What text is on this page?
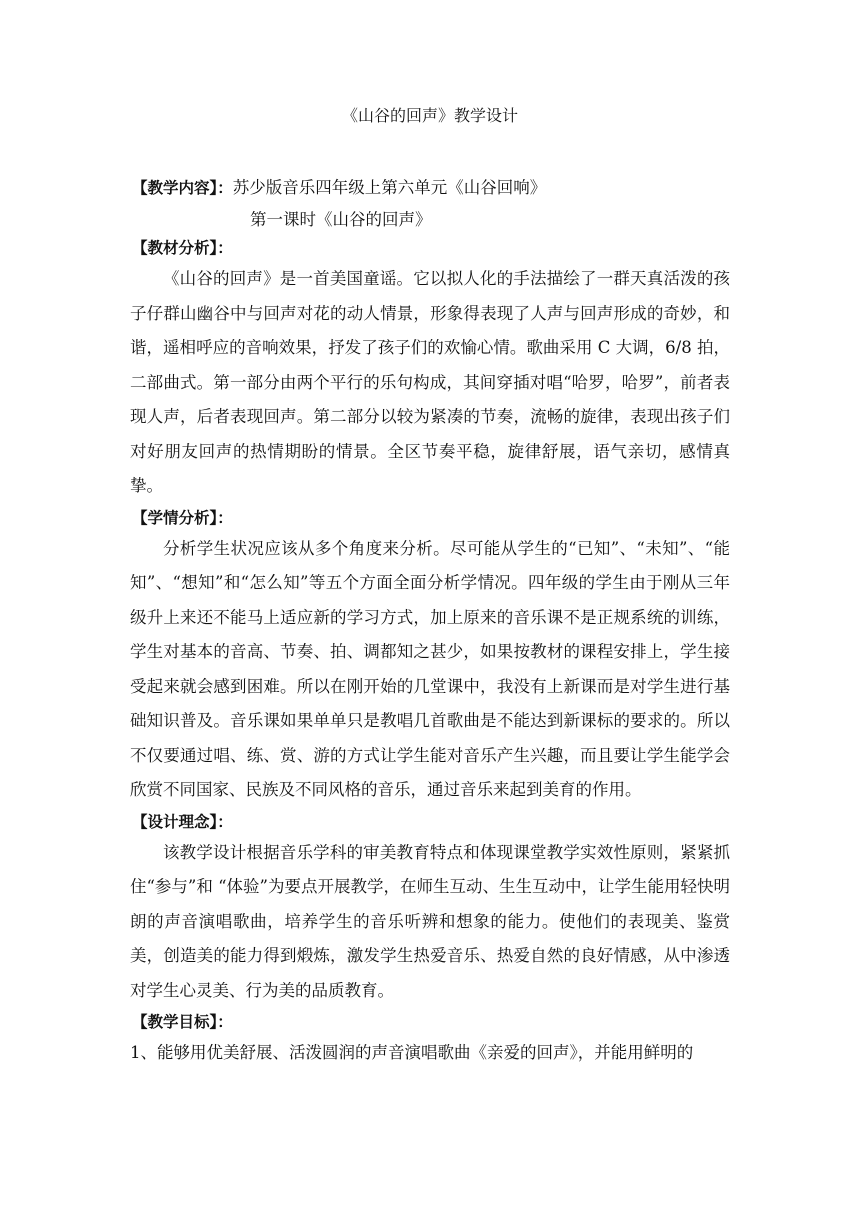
《山谷的回声》教学设计
【教学内容】： 苏少版音乐四年级上第六单元《山谷回响》
第一课时《山谷的回声》
【教材分析】：
《山谷的回声》是一首美国童谣。它以拟人化的手法描绘了一群天真活泼的孩子仔群山幽谷中与回声对花的动人情景，形象得表现了人声与回声形成的奇妙，和谐，遥相呼应的音响效果，抒发了孩子们的欢愉心情。歌曲采用 C 大调，6/8 拍，二部曲式。第一部分由两个平行的乐句构成，其间穿插对唱“哈罗，哈罗”，前者表现人声，后者表现回声。第二部分以较为紧凑的节奏，流畅的旋律，表现出孩子们对好朋友回声的热情期盼的情景。全区节奏平稳，旋律舒展，语气亲切，感情真挚。
【学情分析】：
分析学生状况应该从多个角度来分析。尽可能从学生的“已知”、“未知”、“能知”、“想知”和“怎么知”等五个方面全面分析学情况。四年级的学生由于刚从三年级升上来还不能马上适应新的学习方式，加上原来的音乐课不是正规系统的训练，学生对基本的音高、节奏、拍、调都知之甚少，如果按教材的课程安排上，学生接受起来就会感到困难。所以在刚开始的几堂课中，我没有上新课而是对学生进行基础知识普及。音乐课如果单单只是教唱几首歌曲是不能达到新课标的要求的。所以不仅要通过唱、练、赏、游的方式让学生能对音乐产生兴趣，而且要让学生能学会欣赏不同国家、民族及不同风格的音乐，通过音乐来起到美育的作用。
【设计理念】：
该教学设计根据音乐学科的审美教育特点和体现课堂教学实效性原则，紧紧抓住“参与”和 “体验”为要点开展教学，在师生互动、生生互动中，让学生能用轻快明朗的声音演唱歌曲，培养学生的音乐听辨和想象的能力。使他们的表现美、鉴赏美，创造美的能力得到煅炼，激发学生热爱音乐、热爱自然的良好情感，从中渗透对学生心灵美、行为美的品质教育。
【教学目标】：
1、能够用优美舒展、活泼圆润的声音演唱歌曲《亲爱的回声》，并能用鲜明的
